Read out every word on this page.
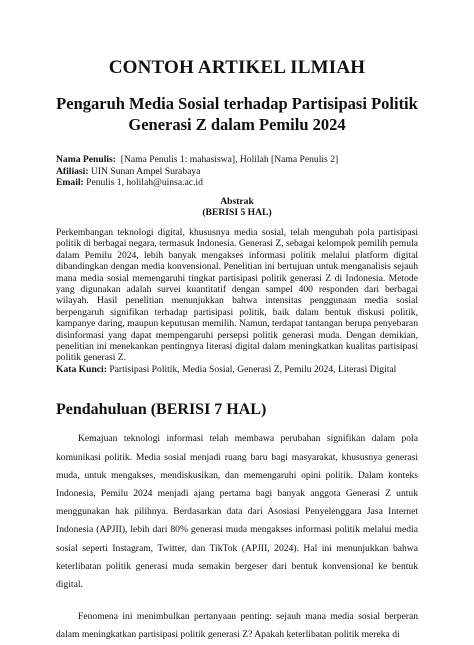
CONTOH ARTIKEL ILMIAH
Pengaruh Media Sosial terhadap Partisipasi Politik
Generasi Z dalam Pemilu 2024
Nama Penulis: [Nama Penulis 1: mahasiswa], Holilah [Nama Penulis 2]
Afiliasi: UIN Sunan Ampel Surabaya
Email: Penulis 1, holilah@uinsa.ac.id
Abstrak
(BERISI 5 HAL)
Perkembangan teknologi digital, khususnya media sosial, telah mengubah pola partisipasi politik di berbagai negara, termasuk Indonesia. Generasi Z, sebagai kelompok pemilih pemula dalam Pemilu 2024, lebih banyak mengakses informasi politik melalui platform digital dibandingkan dengan media konvensional. Penelitian ini bertujuan untuk menganalisis sejauh mana media sosial memengaruhi tingkat partisipasi politik generasi Z di Indonesia. Metode yang digunakan adalah survei kuantitatif dengan sampel 400 responden dari berbagai wilayah. Hasil penelitian menunjukkan bahwa intensitas penggunaan media sosial berpengaruh signifikan terhadap partisipasi politik, baik dalam bentuk diskusi politik, kampanye daring, maupun keputusan memilih. Namun, terdapat tantangan berupa penyebaran disinformasi yang dapat mempengaruhi persepsi politik generasi muda. Dengan demikian, penelitian ini menekankan pentingnya literasi digital dalam meningkatkan kualitas partisipasi politik generasi Z.
Kata Kunci: Partisipasi Politik, Media Sosial, Generasi Z, Pemilu 2024, Literasi Digital
Pendahuluan (BERISI 7 HAL)

Kemajuan teknologi informasi telah membawa perubahan signifikan dalam pola komunikasi politik. Media sosial menjadi ruang baru bagi masyarakat, khususnya generasi muda, untuk mengakses, mendiskusikan, dan memengaruhi opini politik. Dalam konteks Indonesia, Pemilu 2024 menjadi ajang pertama bagi banyak anggota Generasi Z untuk menggunakan hak pilihnya. Berdasarkan data dari Asosiasi Penyelenggara Jasa Internet Indonesia (APJII), lebih dari 80% generasi muda mengakses informasi politik melalui media sosial seperti Instagram, Twitter, dan TikTok (APJII, 2024). Hal ini menunjukkan bahwa keterlibatan politik generasi muda semakin bergeser dari bentuk konvensional ke bentuk digital.

Fenomena ini menimbulkan pertanyaan penting: sejauh mana media sosial berperan dalam meningkatkan partisipasi politik generasi Z? Apakah keterlibatan politik mereka di
